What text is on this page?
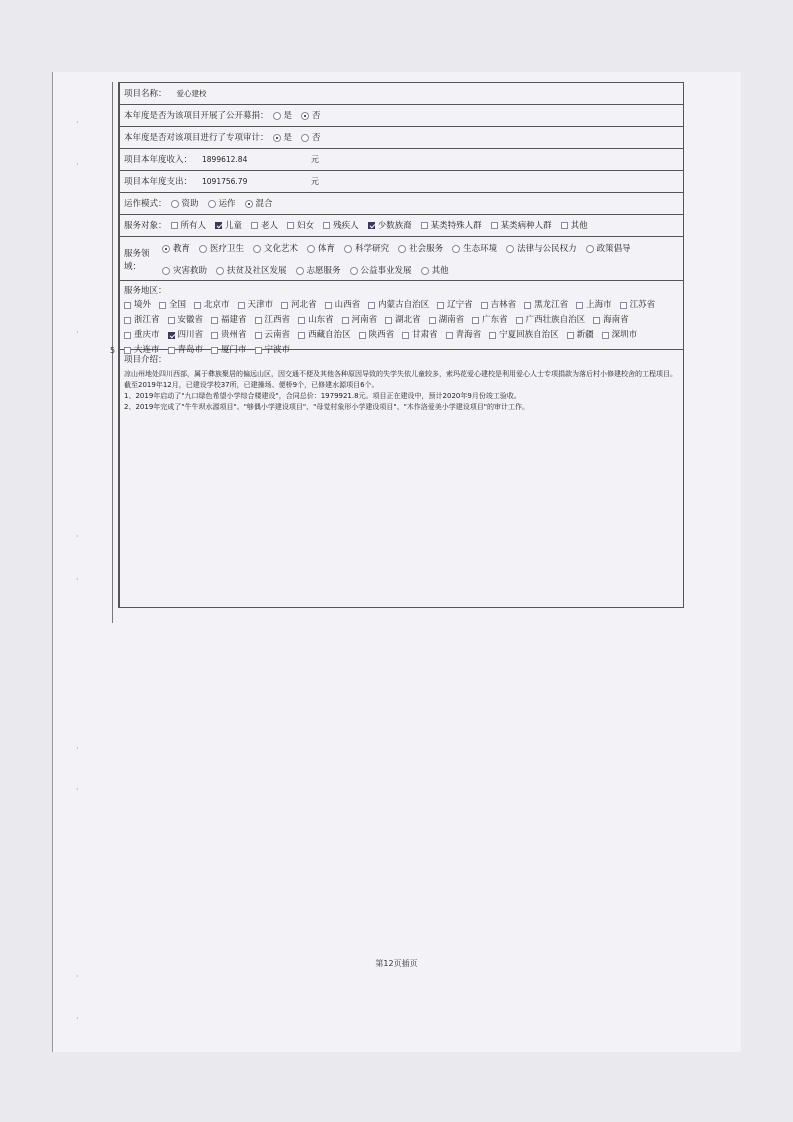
5
·
·
·
·
·
·
·
·
·
项目名称： 爱心建校
本年度是否为该项目开展了公开募捐： 是 否
本年度是否对该项目进行了专项审计： 是 否
项目本年度收入： 1899612.84	元
项目本年度支出： 1091756.79	元
运作模式： 资助 运作 混合
服务对象： 所有人 儿童 老人 妇女 残疾人 少数族裔 某类特殊人群 某类病种人群 其他
服务领域：
教育 医疗卫生 文化艺术 体育 科学研究 社会服务 生态环境 法律与公民权力 政策倡导
灾害救助 扶贫及社区发展 志愿服务 公益事业发展 其他
服务地区：
境外 全国 北京市 天津市 河北省 山西省 内蒙古自治区 辽宁省 吉林省 黑龙江省 上海市 江苏省
浙江省 安徽省 福建省 江西省 山东省 河南省 湖北省 湖南省 广东省 广西壮族自治区 海南省
重庆市 四川省 贵州省 云南省 西藏自治区 陕西省 甘肃省 青海省 宁夏回族自治区 新疆 深圳市
大连市 青岛市 厦门市 宁波市
项目介绍：

凉山州地处四川西部，属于彝族聚居的偏远山区，因交通不便及其他各种原因导致的失学失依儿童较多，索玛花爱心建校是利用爱心人士专项捐款为落后村小修建校舍的工程项目。

截至2019年12月，已建设学校37所，已建操场、便桥9个，已修建水源项目6个。

1、2019年启动了"九口绿色希望小学综合楼建设"，合同总价：1979921.8元。项目正在建设中，预计2020年9月份竣工验收。

2、2019年完成了"牛牛坝水源项目"、"够偶小学建设项目"、"母觉村象形小学建设项目"、"木作洛爱美小学建设项目"的审计工作。

第12页插页
